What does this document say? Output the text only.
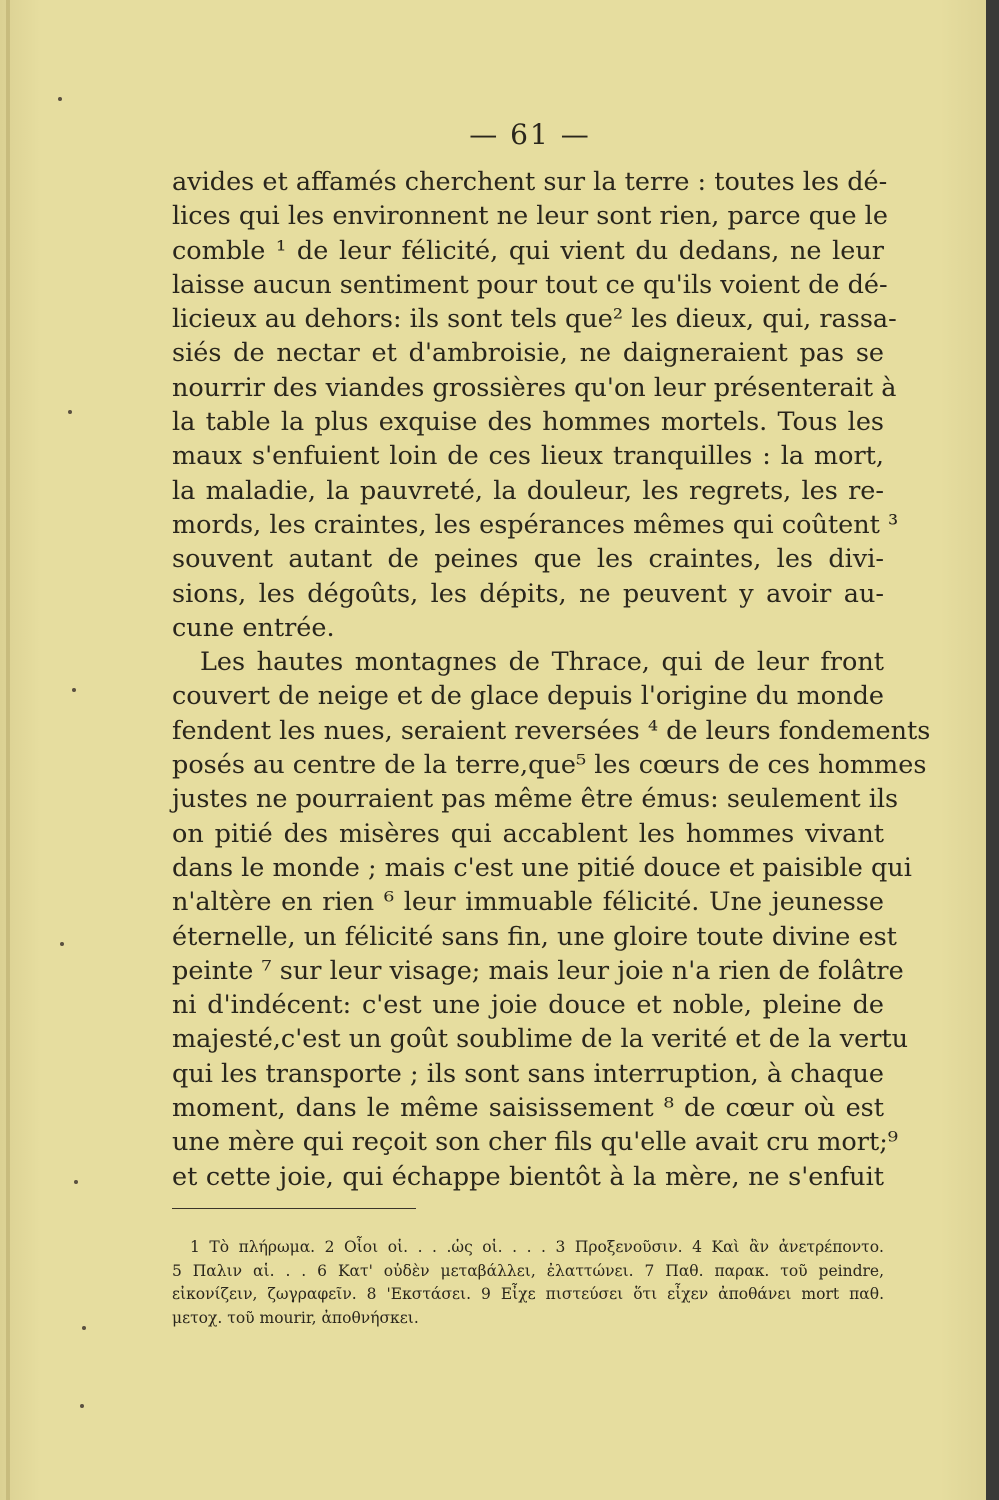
— 61 —
avides et affamés cherchent sur la terre : toutes les dé-
lices qui les environnent ne leur sont rien, parce que le
comble ¹ de leur félicité, qui vient du dedans, ne leur
laisse aucun sentiment pour tout ce qu'ils voient de dé-
licieux au dehors: ils sont tels que² les dieux, qui, rassa-
siés de nectar et d'ambroisie, ne daigneraient pas se
nourrir des viandes grossières qu'on leur présenterait à
la table la plus exquise des hommes mortels. Tous les
maux s'enfuient loin de ces lieux tranquilles : la mort,
la maladie, la pauvreté, la douleur, les regrets, les re-
mords, les craintes, les espérances mêmes qui coûtent ³
souvent autant de peines que les craintes, les divi-
sions, les dégoûts, les dépits, ne peuvent y avoir au-
cune entrée.
Les hautes montagnes de Thrace, qui de leur front
couvert de neige et de glace depuis l'origine du monde
fendent les nues, seraient reversées ⁴ de leurs fondements
posés au centre de la terre,que⁵ les cœurs de ces hommes
justes ne pourraient pas même être émus: seulement ils
on pitié des misères qui accablent les hommes vivant
dans le monde ; mais c'est une pitié douce et paisible qui
n'altère en rien ⁶ leur immuable félicité. Une jeunesse
éternelle, un félicité sans fin, une gloire toute divine est
peinte ⁷ sur leur visage; mais leur joie n'a rien de folâtre
ni d'indécent: c'est une joie douce et noble, pleine de
majesté,c'est un goût soublime de la verité et de la vertu
qui les transporte ; ils sont sans interruption, à chaque
moment, dans le même saisissement ⁸ de cœur où est
une mère qui reçoit son cher fils qu'elle avait cru mort;⁹
et cette joie, qui échappe bientôt à la mère, ne s'enfuit
1 Τὸ πλήρωμα. 2 Οἷοι οἱ. . . .ὡς οἱ. . . . 3 Προξενοῦσιν. 4 Καὶ ἂν ἀνετρέποντο.
5 Παλιν αἱ. . . 6 Κατ' οὐδὲν μεταβάλλει, ἐλαττώνει. 7 Παθ. παρακ. τοῦ peindre,
εἰκονίζειν, ζωγραφεῖν. 8 'Εκστάσει. 9 Εἶχε πιστεύσει ὅτι εἶχεν ἀποθάνει mort παθ.
μετοχ. τοῦ mourir, ἀποθνήσκει.
